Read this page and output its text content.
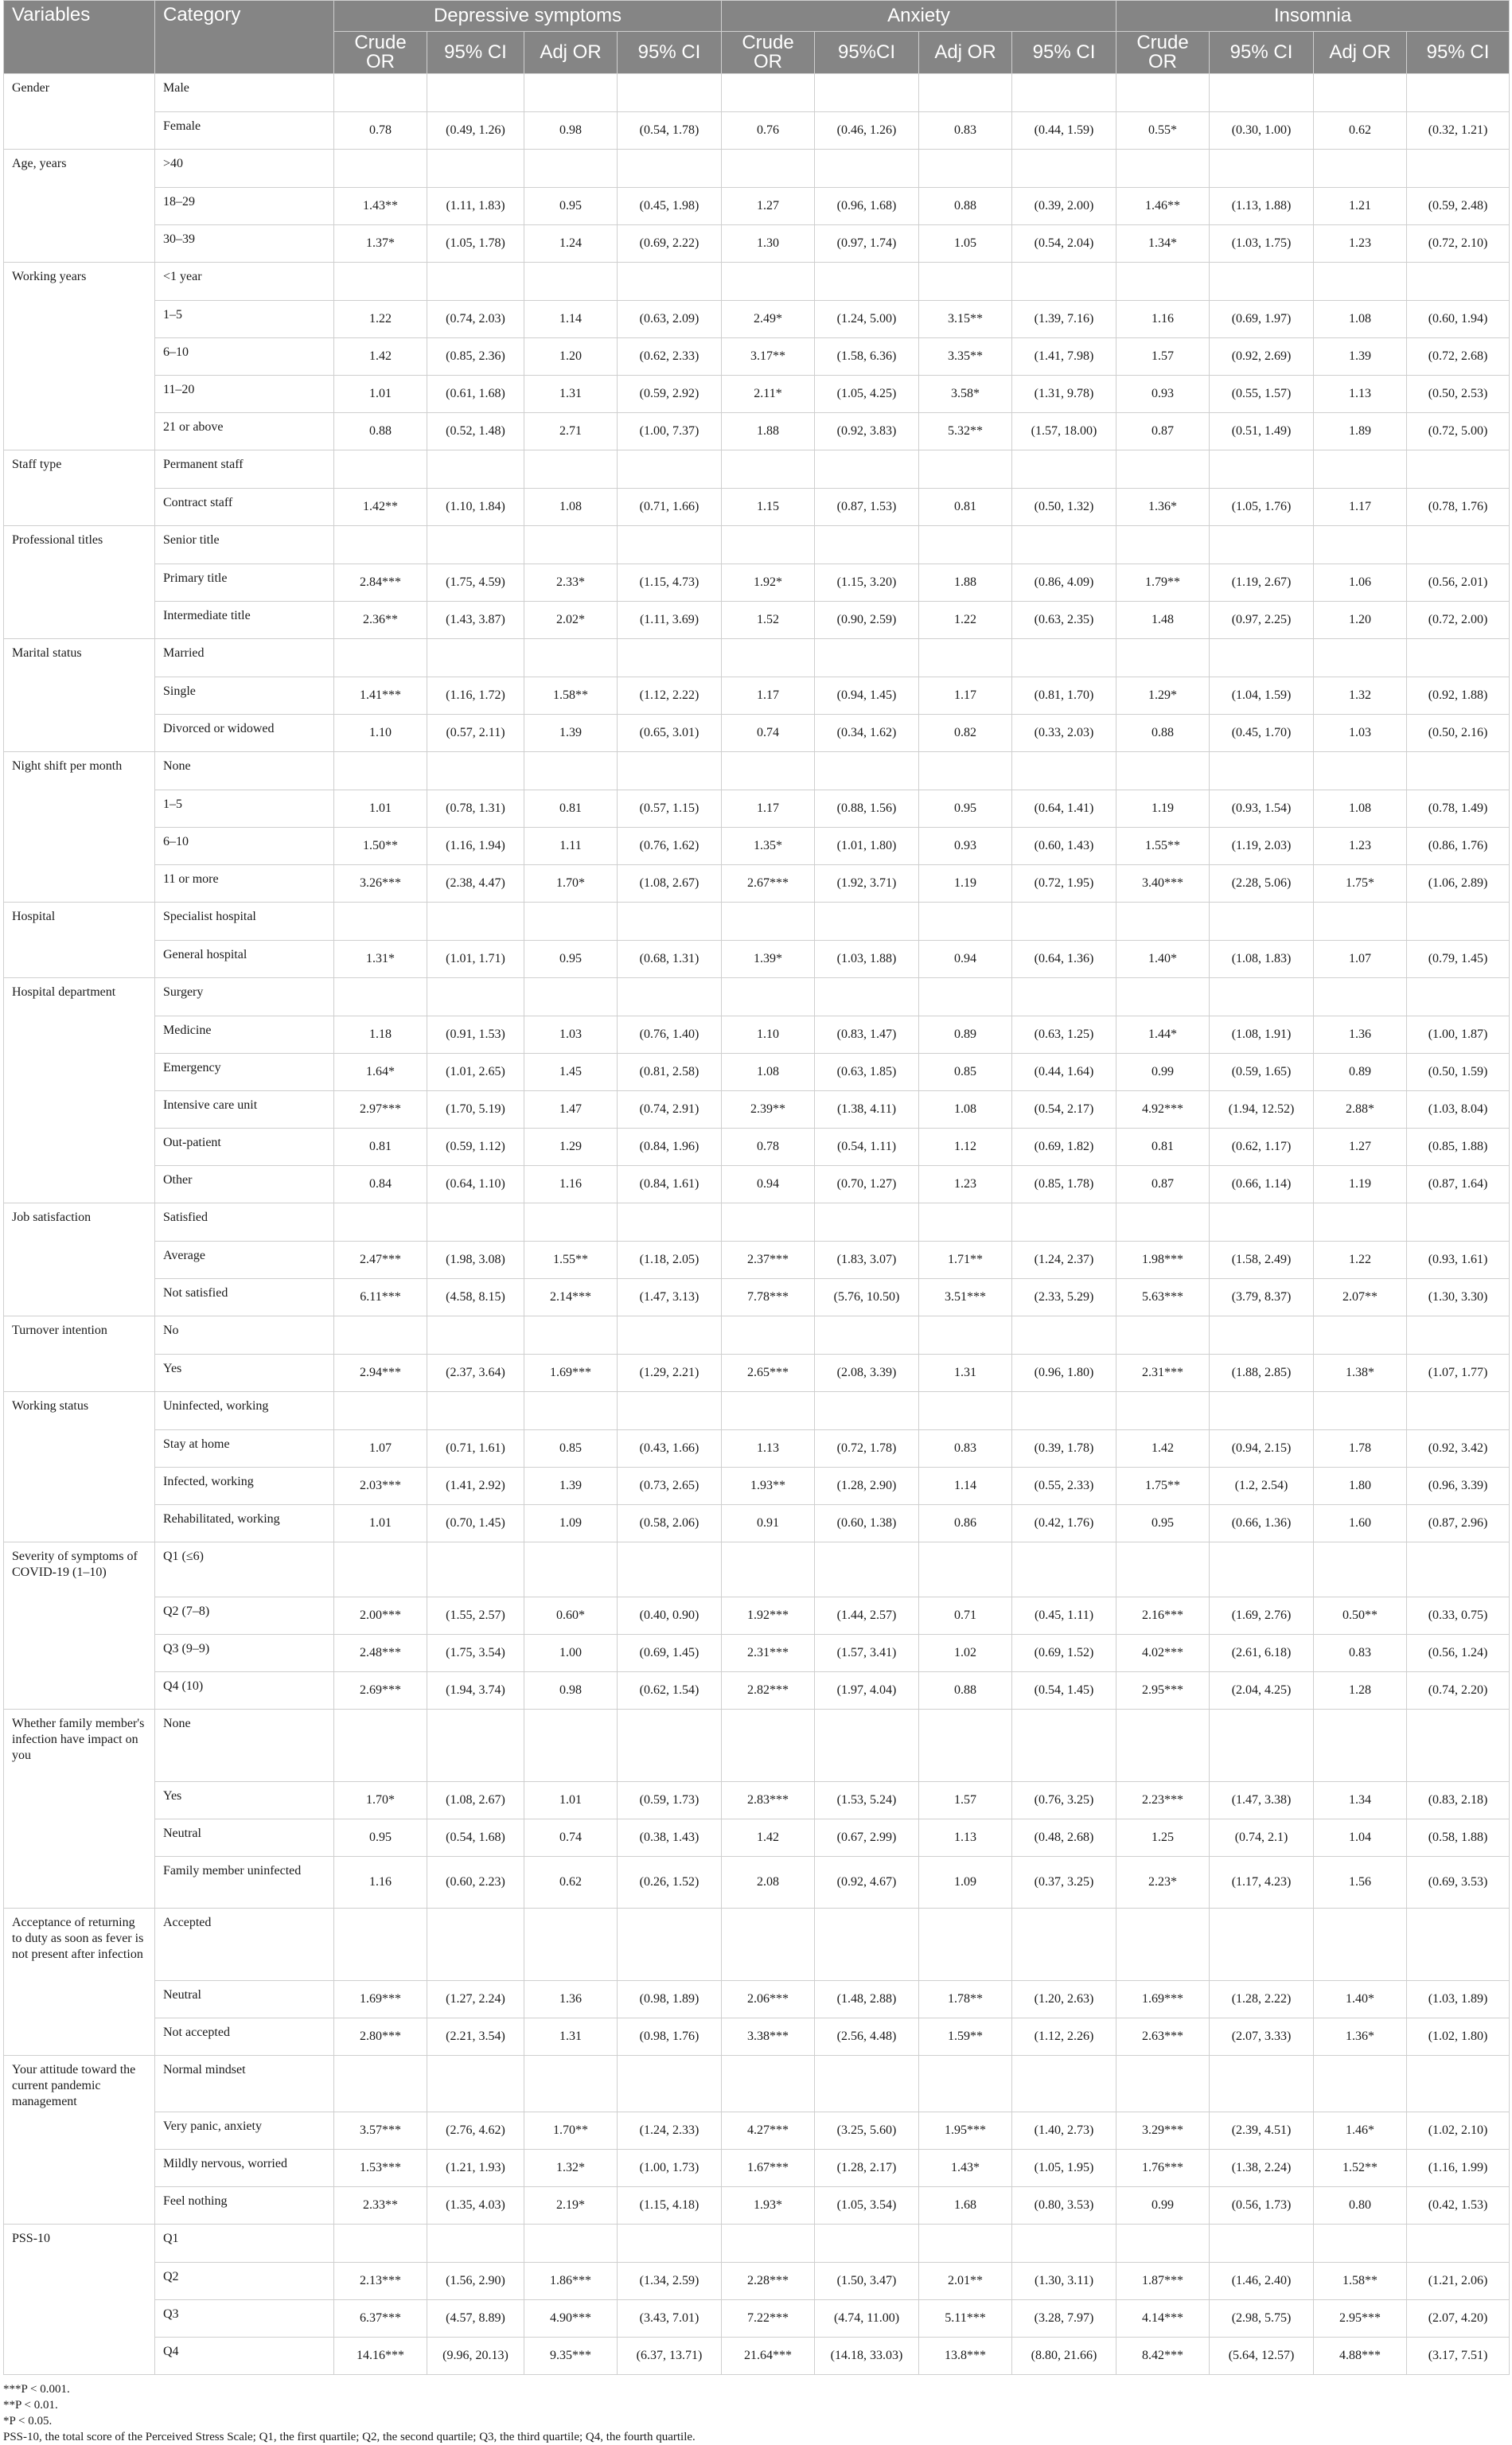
Variables	Category	Depressive symptoms				Anxiety				Insomnia			
		Crude OR	95% CI	Adj OR	95% CI	Crude OR	95%CI	Adj OR	95% CI	Crude OR	95% CI	Adj OR	95% CI
Gender	Male												
	Female	0.78	(0.49, 1.26)	0.98	(0.54, 1.78)	0.76	(0.46, 1.26)	0.83	(0.44, 1.59)	0.55*	(0.30, 1.00)	0.62	(0.32, 1.21)
Age, years	>40												
	18–29	1.43**	(1.11, 1.83)	0.95	(0.45, 1.98)	1.27	(0.96, 1.68)	0.88	(0.39, 2.00)	1.46**	(1.13, 1.88)	1.21	(0.59, 2.48)
	30–39	1.37*	(1.05, 1.78)	1.24	(0.69, 2.22)	1.30	(0.97, 1.74)	1.05	(0.54, 2.04)	1.34*	(1.03, 1.75)	1.23	(0.72, 2.10)
Working years	<1 year												
	1–5	1.22	(0.74, 2.03)	1.14	(0.63, 2.09)	2.49*	(1.24, 5.00)	3.15**	(1.39, 7.16)	1.16	(0.69, 1.97)	1.08	(0.60, 1.94)
	6–10	1.42	(0.85, 2.36)	1.20	(0.62, 2.33)	3.17**	(1.58, 6.36)	3.35**	(1.41, 7.98)	1.57	(0.92, 2.69)	1.39	(0.72, 2.68)
	11–20	1.01	(0.61, 1.68)	1.31	(0.59, 2.92)	2.11*	(1.05, 4.25)	3.58*	(1.31, 9.78)	0.93	(0.55, 1.57)	1.13	(0.50, 2.53)
	21 or above	0.88	(0.52, 1.48)	2.71	(1.00, 7.37)	1.88	(0.92, 3.83)	5.32**	(1.57, 18.00)	0.87	(0.51, 1.49)	1.89	(0.72, 5.00)
Staff type	Permanent staff												
	Contract staff	1.42**	(1.10, 1.84)	1.08	(0.71, 1.66)	1.15	(0.87, 1.53)	0.81	(0.50, 1.32)	1.36*	(1.05, 1.76)	1.17	(0.78, 1.76)
Professional titles	Senior title												
	Primary title	2.84***	(1.75, 4.59)	2.33*	(1.15, 4.73)	1.92*	(1.15, 3.20)	1.88	(0.86, 4.09)	1.79**	(1.19, 2.67)	1.06	(0.56, 2.01)
	Intermediate title	2.36**	(1.43, 3.87)	2.02*	(1.11, 3.69)	1.52	(0.90, 2.59)	1.22	(0.63, 2.35)	1.48	(0.97, 2.25)	1.20	(0.72, 2.00)
Marital status	Married												
	Single	1.41***	(1.16, 1.72)	1.58**	(1.12, 2.22)	1.17	(0.94, 1.45)	1.17	(0.81, 1.70)	1.29*	(1.04, 1.59)	1.32	(0.92, 1.88)
	Divorced or widowed	1.10	(0.57, 2.11)	1.39	(0.65, 3.01)	0.74	(0.34, 1.62)	0.82	(0.33, 2.03)	0.88	(0.45, 1.70)	1.03	(0.50, 2.16)
Night shift per month	None												
	1–5	1.01	(0.78, 1.31)	0.81	(0.57, 1.15)	1.17	(0.88, 1.56)	0.95	(0.64, 1.41)	1.19	(0.93, 1.54)	1.08	(0.78, 1.49)
	6–10	1.50**	(1.16, 1.94)	1.11	(0.76, 1.62)	1.35*	(1.01, 1.80)	0.93	(0.60, 1.43)	1.55**	(1.19, 2.03)	1.23	(0.86, 1.76)
	11 or more	3.26***	(2.38, 4.47)	1.70*	(1.08, 2.67)	2.67***	(1.92, 3.71)	1.19	(0.72, 1.95)	3.40***	(2.28, 5.06)	1.75*	(1.06, 2.89)
Hospital	Specialist hospital												
	General hospital	1.31*	(1.01, 1.71)	0.95	(0.68, 1.31)	1.39*	(1.03, 1.88)	0.94	(0.64, 1.36)	1.40*	(1.08, 1.83)	1.07	(0.79, 1.45)
Hospital department	Surgery												
	Medicine	1.18	(0.91, 1.53)	1.03	(0.76, 1.40)	1.10	(0.83, 1.47)	0.89	(0.63, 1.25)	1.44*	(1.08, 1.91)	1.36	(1.00, 1.87)
	Emergency	1.64*	(1.01, 2.65)	1.45	(0.81, 2.58)	1.08	(0.63, 1.85)	0.85	(0.44, 1.64)	0.99	(0.59, 1.65)	0.89	(0.50, 1.59)
	Intensive care unit	2.97***	(1.70, 5.19)	1.47	(0.74, 2.91)	2.39**	(1.38, 4.11)	1.08	(0.54, 2.17)	4.92***	(1.94, 12.52)	2.88*	(1.03, 8.04)
	Out-patient	0.81	(0.59, 1.12)	1.29	(0.84, 1.96)	0.78	(0.54, 1.11)	1.12	(0.69, 1.82)	0.81	(0.62, 1.17)	1.27	(0.85, 1.88)
	Other	0.84	(0.64, 1.10)	1.16	(0.84, 1.61)	0.94	(0.70, 1.27)	1.23	(0.85, 1.78)	0.87	(0.66, 1.14)	1.19	(0.87, 1.64)
Job satisfaction	Satisfied												
	Average	2.47***	(1.98, 3.08)	1.55**	(1.18, 2.05)	2.37***	(1.83, 3.07)	1.71**	(1.24, 2.37)	1.98***	(1.58, 2.49)	1.22	(0.93, 1.61)
	Not satisfied	6.11***	(4.58, 8.15)	2.14***	(1.47, 3.13)	7.78***	(5.76, 10.50)	3.51***	(2.33, 5.29)	5.63***	(3.79, 8.37)	2.07**	(1.30, 3.30)
Turnover intention	No												
	Yes	2.94***	(2.37, 3.64)	1.69***	(1.29, 2.21)	2.65***	(2.08, 3.39)	1.31	(0.96, 1.80)	2.31***	(1.88, 2.85)	1.38*	(1.07, 1.77)
Working status	Uninfected, working												
	Stay at home	1.07	(0.71, 1.61)	0.85	(0.43, 1.66)	1.13	(0.72, 1.78)	0.83	(0.39, 1.78)	1.42	(0.94, 2.15)	1.78	(0.92, 3.42)
	Infected, working	2.03***	(1.41, 2.92)	1.39	(0.73, 2.65)	1.93**	(1.28, 2.90)	1.14	(0.55, 2.33)	1.75**	(1.2, 2.54)	1.80	(0.96, 3.39)
	Rehabilitated, working	1.01	(0.70, 1.45)	1.09	(0.58, 2.06)	0.91	(0.60, 1.38)	0.86	(0.42, 1.76)	0.95	(0.66, 1.36)	1.60	(0.87, 2.96)
Severity of symptoms of COVID-19 (1–10)	Q1 (≤6)												
	Q2 (7–8)	2.00***	(1.55, 2.57)	0.60*	(0.40, 0.90)	1.92***	(1.44, 2.57)	0.71	(0.45, 1.11)	2.16***	(1.69, 2.76)	0.50**	(0.33, 0.75)
	Q3 (9–9)	2.48***	(1.75, 3.54)	1.00	(0.69, 1.45)	2.31***	(1.57, 3.41)	1.02	(0.69, 1.52)	4.02***	(2.61, 6.18)	0.83	(0.56, 1.24)
	Q4 (10)	2.69***	(1.94, 3.74)	0.98	(0.62, 1.54)	2.82***	(1.97, 4.04)	0.88	(0.54, 1.45)	2.95***	(2.04, 4.25)	1.28	(0.74, 2.20)
Whether family member's infection have impact on you	None												
	Yes	1.70*	(1.08, 2.67)	1.01	(0.59, 1.73)	2.83***	(1.53, 5.24)	1.57	(0.76, 3.25)	2.23***	(1.47, 3.38)	1.34	(0.83, 2.18)
	Neutral	0.95	(0.54, 1.68)	0.74	(0.38, 1.43)	1.42	(0.67, 2.99)	1.13	(0.48, 2.68)	1.25	(0.74, 2.1)	1.04	(0.58, 1.88)
	Family member uninfected	1.16	(0.60, 2.23)	0.62	(0.26, 1.52)	2.08	(0.92, 4.67)	1.09	(0.37, 3.25)	2.23*	(1.17, 4.23)	1.56	(0.69, 3.53)
Acceptance of returning to duty as soon as fever is not present after infection	Accepted												
	Neutral	1.69***	(1.27, 2.24)	1.36	(0.98, 1.89)	2.06***	(1.48, 2.88)	1.78**	(1.20, 2.63)	1.69***	(1.28, 2.22)	1.40*	(1.03, 1.89)
	Not accepted	2.80***	(2.21, 3.54)	1.31	(0.98, 1.76)	3.38***	(2.56, 4.48)	1.59**	(1.12, 2.26)	2.63***	(2.07, 3.33)	1.36*	(1.02, 1.80)
Your attitude toward the current pandemic management	Normal mindset												
	Very panic, anxiety	3.57***	(2.76, 4.62)	1.70**	(1.24, 2.33)	4.27***	(3.25, 5.60)	1.95***	(1.40, 2.73)	3.29***	(2.39, 4.51)	1.46*	(1.02, 2.10)
	Mildly nervous, worried	1.53***	(1.21, 1.93)	1.32*	(1.00, 1.73)	1.67***	(1.28, 2.17)	1.43*	(1.05, 1.95)	1.76***	(1.38, 2.24)	1.52**	(1.16, 1.99)
	Feel nothing	2.33**	(1.35, 4.03)	2.19*	(1.15, 4.18)	1.93*	(1.05, 3.54)	1.68	(0.80, 3.53)	0.99	(0.56, 1.73)	0.80	(0.42, 1.53)
PSS-10	Q1												
	Q2	2.13***	(1.56, 2.90)	1.86***	(1.34, 2.59)	2.28***	(1.50, 3.47)	2.01**	(1.30, 3.11)	1.87***	(1.46, 2.40)	1.58**	(1.21, 2.06)
	Q3	6.37***	(4.57, 8.89)	4.90***	(3.43, 7.01)	7.22***	(4.74, 11.00)	5.11***	(3.28, 7.97)	4.14***	(2.98, 5.75)	2.95***	(2.07, 4.20)
	Q4	14.16***	(9.96, 20.13)	9.35***	(6.37, 13.71)	21.64***	(14.18, 33.03)	13.8***	(8.80, 21.66)	8.42***	(5.64, 12.57)	4.88***	(3.17, 7.51)
***P < 0.001.
**P < 0.01.
*P < 0.05.
PSS-10, the total score of the Perceived Stress Scale; Q1, the first quartile; Q2, the second quartile; Q3, the third quartile; Q4, the fourth quartile.
